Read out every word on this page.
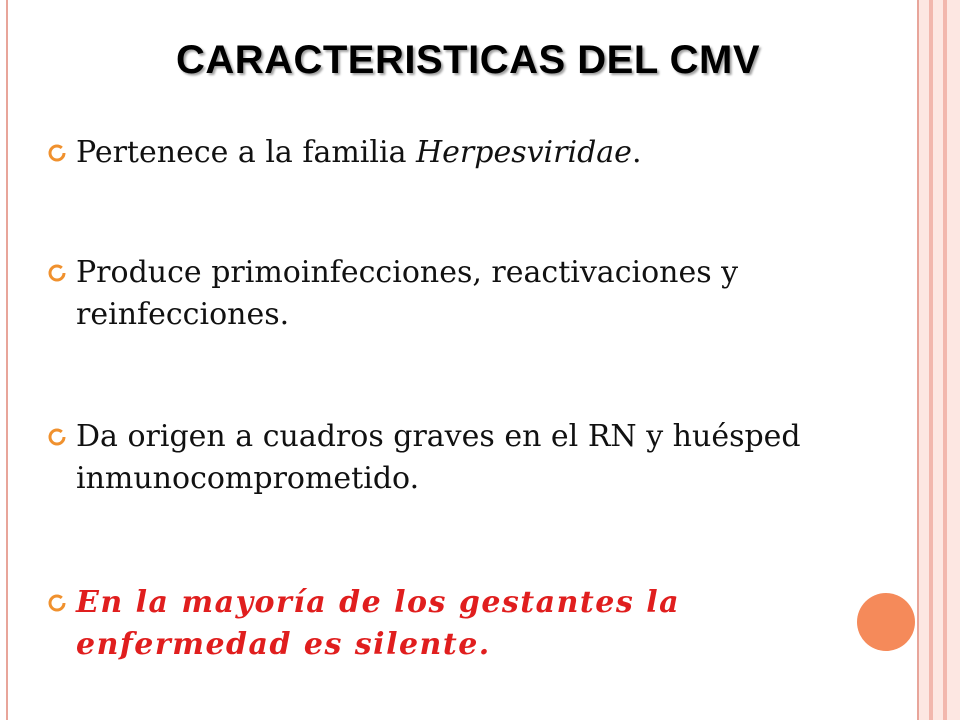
CARACTERISTICAS DEL CMV
Pertenece a la familia Herpesviridae.
Produce primoinfecciones, reactivaciones y reinfecciones.
Da origen a cuadros graves en el RN y huésped inmunocomprometido.
En la mayoría de los gestantes la enfermedad es silente.
